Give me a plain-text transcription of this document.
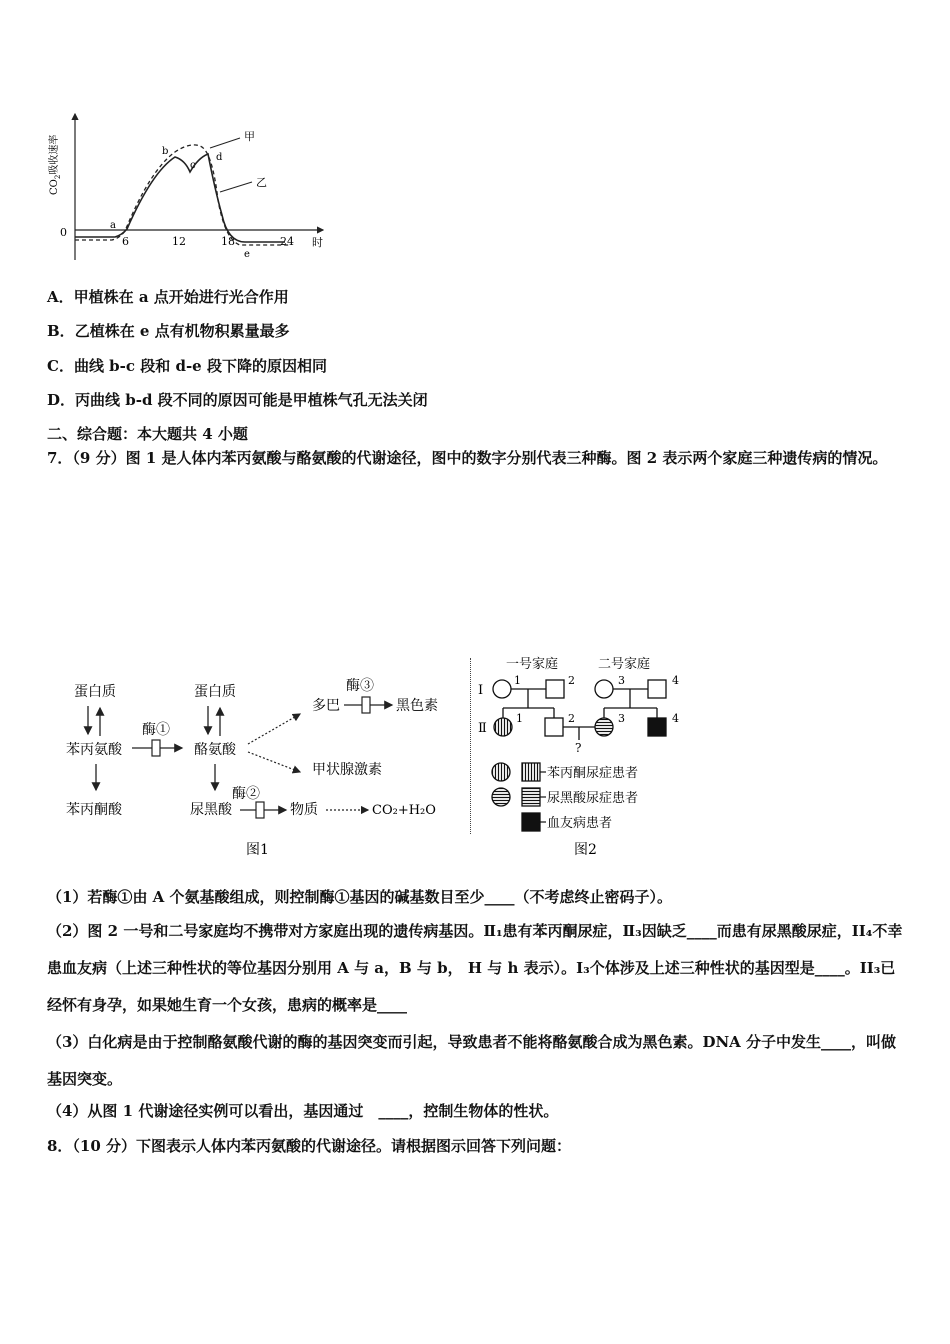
$CO_2$吸收速率
0
6	12	18	24 时
甲
乙
a
b
c
d
e
A．甲植株在 a 点开始进行光合作用
B．乙植株在 e 点有机物积累量最多
C．曲线 b-c 段和 d-e 段下降的原因相同
D．丙曲线 b-d 段不同的原因可能是甲植株气孔无法关闭
二、综合题：本大题共 4 小题
7．（9 分）图 1 是人体内苯丙氨酸与酪氨酸的代谢途径，图中的数字分别代表三种酶。图 2 表示两个家庭三种遗传病的情况。
蛋白质	蛋白质
苯丙氨酸	酪氨酸
酶①
苯丙酮酸	尿黑酸
酶②
物质	CO₂+H₂O
多巴
酶③
黑色素
甲状腺激素
图1
一号家庭	二号家庭
Ⅰ
Ⅱ
1	2
1	2
3	4
3	4
?
苯丙酮尿症患者
尿黑酸尿症患者
血友病患者
图2
（1）若酶①由 A 个氨基酸组成，则控制酶①基因的碱基数目至少____（不考虑终止密码子）。
（2）图 2 一号和二号家庭均不携带对方家庭出现的遗传病基因。Ⅱ₁患有苯丙酮尿症，Ⅱ₃因缺乏____而患有尿黑酸尿症，II₄不幸患血友病（上述三种性状的等位基因分别用 A 与 a，B 与 b， H 与 h 表示）。I₃个体涉及上述三种性状的基因型是____。II₃已经怀有身孕，如果她生育一个女孩，患病的概率是____
（3）白化病是由于控制酪氨酸代谢的酶的基因突变而引起，导致患者不能将酪氨酸合成为黑色素。DNA 分子中发生____，叫做基因突变。
（4）从图 1 代谢途径实例可以看出，基因通过　____，控制生物体的性状。
8．（10 分）下图表示人体内苯丙氨酸的代谢途径。请根据图示回答下列问题：
